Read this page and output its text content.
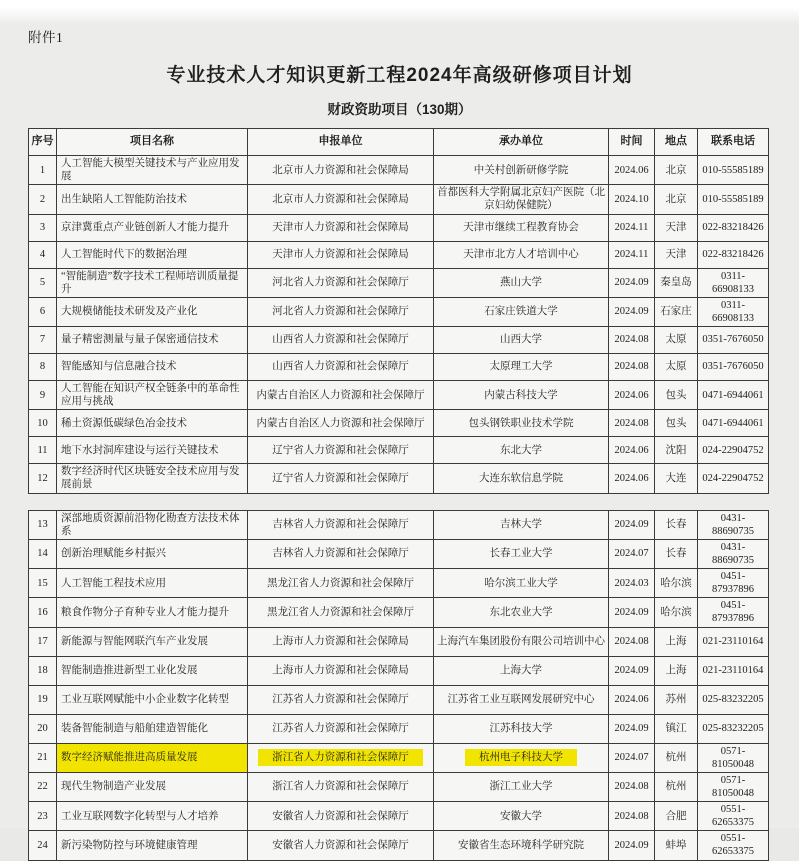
附件1
专业技术人才知识更新工程2024年高级研修项目计划
财政资助项目（130期）
序号	项目名称	申报单位	承办单位	时间	地点	联系电话
1	人工智能大模型关键技术与产业应用发展	北京市人力资源和社会保障局	中关村创新研修学院	2024.06	北京	010-55585189
2	出生缺陷人工智能防治技术	北京市人力资源和社会保障局	首都医科大学附属北京妇产医院（北京妇幼保健院）	2024.10	北京	010-55585189
3	京津冀重点产业链创新人才能力提升	天津市人力资源和社会保障局	天津市继续工程教育协会	2024.11	天津	022-83218426
4	人工智能时代下的数据治理	天津市人力资源和社会保障局	天津市北方人才培训中心	2024.11	天津	022-83218426
5	“智能制造”数字技术工程师培训质量提升	河北省人力资源和社会保障厅	燕山大学	2024.09	秦皇岛	0311-66908133
6	大规模储能技术研发及产业化	河北省人力资源和社会保障厅	石家庄铁道大学	2024.09	石家庄	0311-66908133
7	量子精密测量与量子保密通信技术	山西省人力资源和社会保障厅	山西大学	2024.08	太原	0351-7676050
8	智能感知与信息融合技术	山西省人力资源和社会保障厅	太原理工大学	2024.08	太原	0351-7676050
9	人工智能在知识产权全链条中的革命性应用与挑战	内蒙古自治区人力资源和社会保障厅	内蒙古科技大学	2024.06	包头	0471-6944061
10	稀土资源低碳绿色冶金技术	内蒙古自治区人力资源和社会保障厅	包头钢铁职业技术学院	2024.08	包头	0471-6944061
11	地下水封洞库建设与运行关键技术	辽宁省人力资源和社会保障厅	东北大学	2024.06	沈阳	024-22904752
12	数字经济时代区块链安全技术应用与发展前景	辽宁省人力资源和社会保障厅	大连东软信息学院	2024.06	大连	024-22904752
13	深部地质资源前沿物化勘查方法技术体系	吉林省人力资源和社会保障厅	吉林大学	2024.09	长春	0431-88690735
14	创新治理赋能乡村振兴	吉林省人力资源和社会保障厅	长春工业大学	2024.07	长春	0431-88690735
15	人工智能工程技术应用	黑龙江省人力资源和社会保障厅	哈尔滨工业大学	2024.03	哈尔滨	0451-87937896
16	粮食作物分子育种专业人才能力提升	黑龙江省人力资源和社会保障厅	东北农业大学	2024.09	哈尔滨	0451-87937896
17	新能源与智能网联汽车产业发展	上海市人力资源和社会保障局	上海汽车集团股份有限公司培训中心	2024.08	上海	021-23110164
18	智能制造推进新型工业化发展	上海市人力资源和社会保障局	上海大学	2024.09	上海	021-23110164
19	工业互联网赋能中小企业数字化转型	江苏省人力资源和社会保障厅	江苏省工业互联网发展研究中心	2024.06	苏州	025-83232205
20	装备智能制造与船舶建造智能化	江苏省人力资源和社会保障厅	江苏科技大学	2024.09	镇江	025-83232205
21	数字经济赋能推进高质量发展	浙江省人力资源和社会保障厅	杭州电子科技大学	2024.07	杭州	0571-81050048
22	现代生物制造产业发展	浙江省人力资源和社会保障厅	浙江工业大学	2024.08	杭州	0571-81050048
23	工业互联网数字化转型与人才培养	安徽省人力资源和社会保障厅	安徽大学	2024.08	合肥	0551-62653375
24	新污染物防控与环境健康管理	安徽省人力资源和社会保障厅	安徽省生态环境科学研究院	2024.09	蚌埠	0551-62653375
